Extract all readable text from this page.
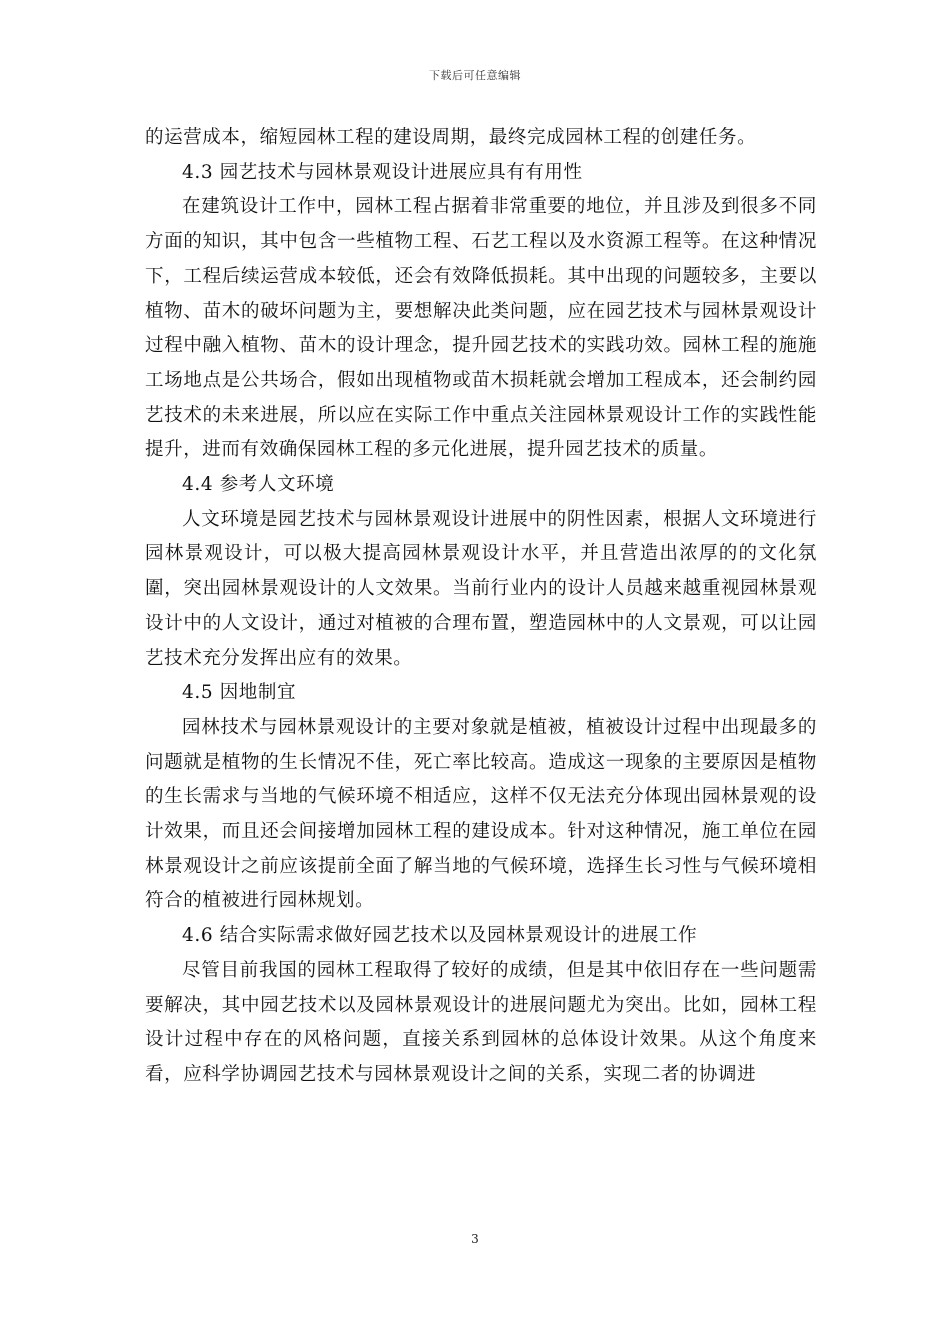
下载后可任意编辑

的运营成本，缩短园林工程的建设周期，最终完成园林工程的创建任务。

4.3 园艺技术与园林景观设计进展应具有有用性

在建筑设计工作中，园林工程占据着非常重要的地位，并且涉及到很多不同方面的知识，其中包含一些植物工程、石艺工程以及水资源工程等。在这种情况下，工程后续运营成本较低，还会有效降低损耗。其中出现的问题较多，主要以植物、苗木的破坏问题为主，要想解决此类问题，应在园艺技术与园林景观设计过程中融入植物、苗木的设计理念，提升园艺技术的实践功效。园林工程的施施工场地点是公共场合，假如出现植物或苗木损耗就会增加工程成本，还会制约园艺技术的未来进展，所以应在实际工作中重点关注园林景观设计工作的实践性能提升，进而有效确保园林工程的多元化进展，提升园艺技术的质量。

4.4 参考人文环境

人文环境是园艺技术与园林景观设计进展中的阴性因素，根据人文环境进行园林景观设计，可以极大提高园林景观设计水平，并且营造出浓厚的的文化氛圍，突出园林景观设计的人文效果。当前行业内的设计人员越来越重视园林景观设计中的人文设计，通过对植被的合理布置，塑造园林中的人文景观，可以让园艺技术充分发挥出应有的效果。

4.5 因地制宜

园林技术与园林景观设计的主要对象就是植被，植被设计过程中出现最多的问题就是植物的生长情况不佳，死亡率比较高。造成这一现象的主要原因是植物的生长需求与当地的气候环境不相适应，这样不仅无法充分体现出园林景观的设计效果，而且还会间接增加园林工程的建设成本。针对这种情况，施工单位在园林景观设计之前应该提前全面了解当地的气候环境，选择生长习性与气候环境相符合的植被进行园林规划。

4.6 结合实际需求做好园艺技术以及园林景观设计的进展工作

尽管目前我国的园林工程取得了较好的成绩，但是其中依旧存在一些问题需要解决，其中园艺技术以及园林景观设计的进展问题尤为突出。比如，园林工程设计过程中存在的风格问题，直接关系到园林的总体设计效果。从这个角度来看，应科学协调园艺技术与园林景观设计之间的关系，实现二者的协调进

3
